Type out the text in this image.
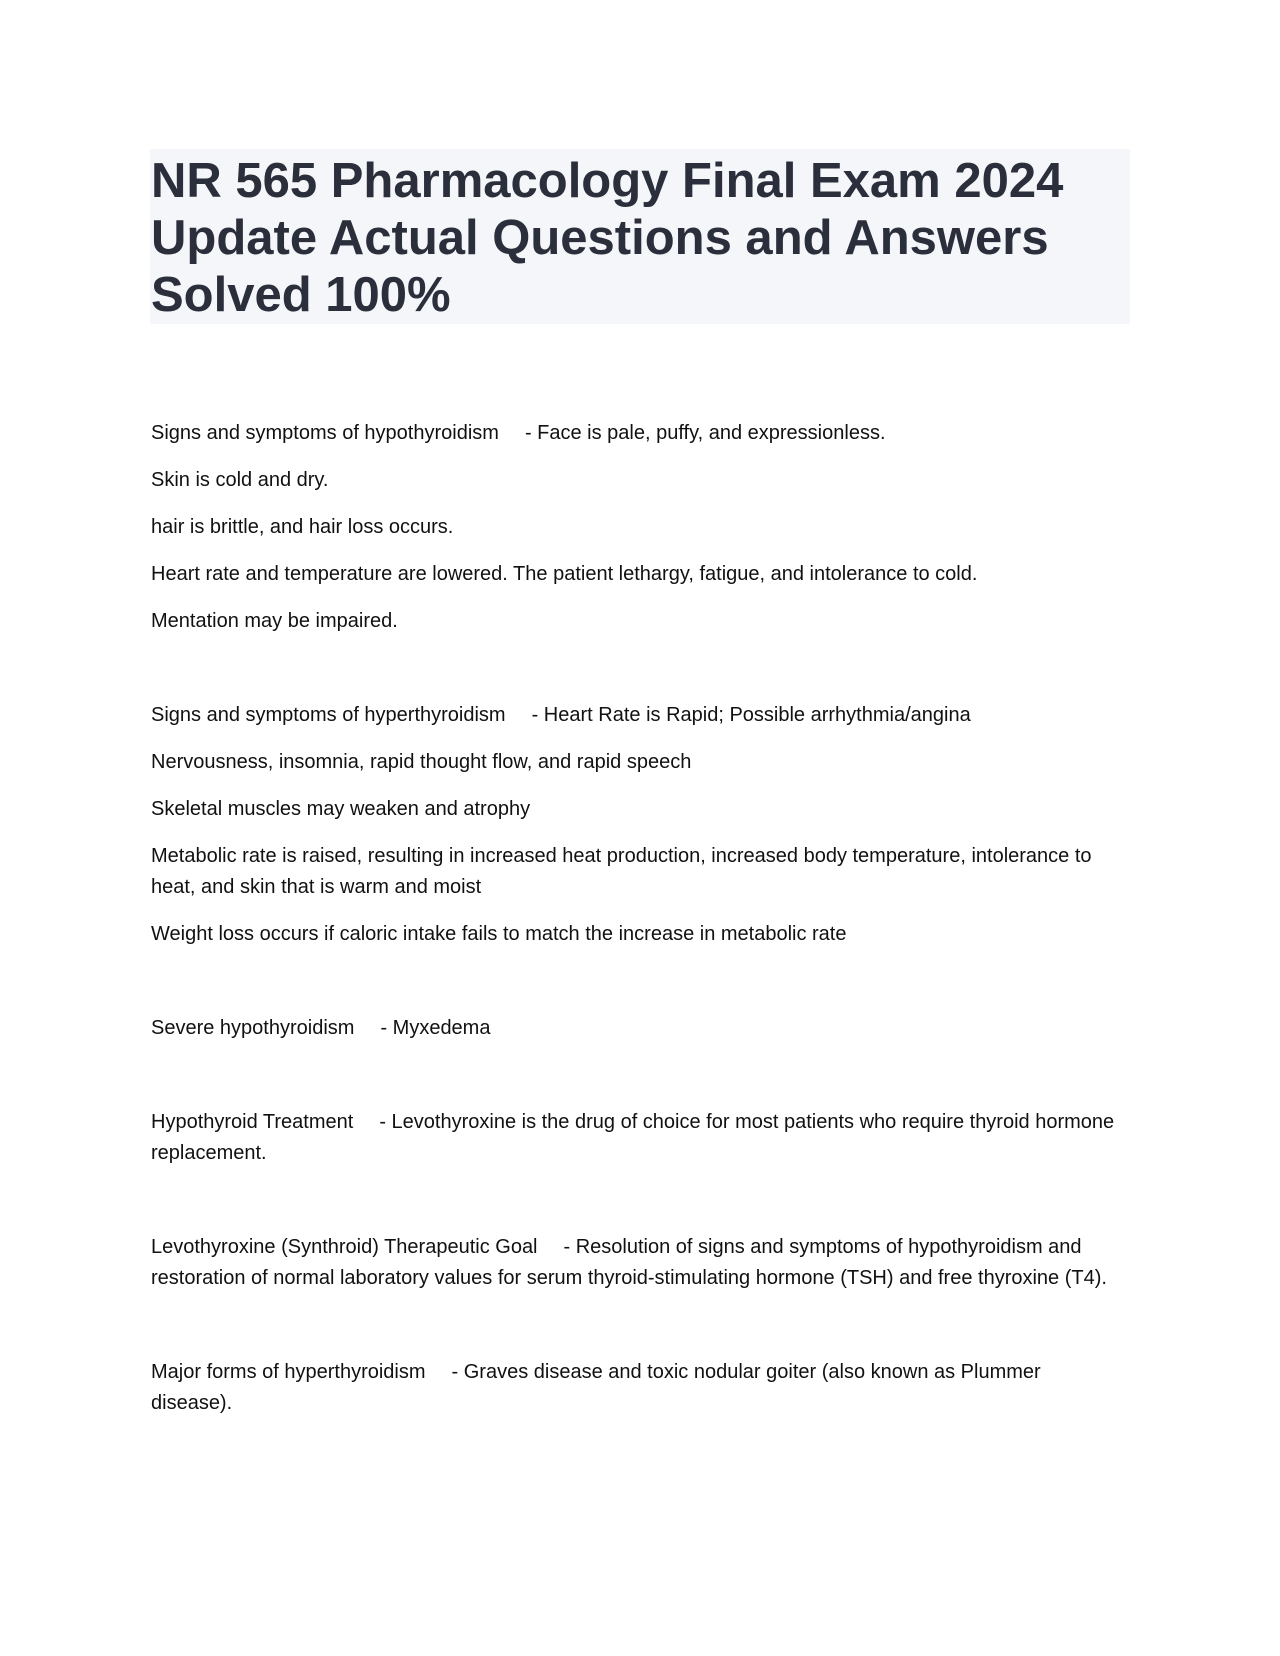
NR 565 Pharmacology Final Exam 2024 Update Actual Questions and Answers Solved 100%

Signs and symptoms of hypothyroidism - Face is pale, puffy, and expressionless.

Skin is cold and dry.

hair is brittle, and hair loss occurs.

Heart rate and temperature are lowered. The patient lethargy, fatigue, and intolerance to cold.

Mentation may be impaired.

Signs and symptoms of hyperthyroidism - Heart Rate is Rapid; Possible arrhythmia/angina

Nervousness, insomnia, rapid thought flow, and rapid speech

Skeletal muscles may weaken and atrophy

Metabolic rate is raised, resulting in increased heat production, increased body temperature, intolerance to heat, and skin that is warm and moist

Weight loss occurs if caloric intake fails to match the increase in metabolic rate

Severe hypothyroidism - Myxedema

Hypothyroid Treatment - Levothyroxine is the drug of choice for most patients who require thyroid hormone replacement.

Levothyroxine (Synthroid) Therapeutic Goal - Resolution of signs and symptoms of hypothyroidism and restoration of normal laboratory values for serum thyroid-stimulating hormone (TSH) and free thyroxine (T4).

Major forms of hyperthyroidism - Graves disease and toxic nodular goiter (also known as Plummer disease).
